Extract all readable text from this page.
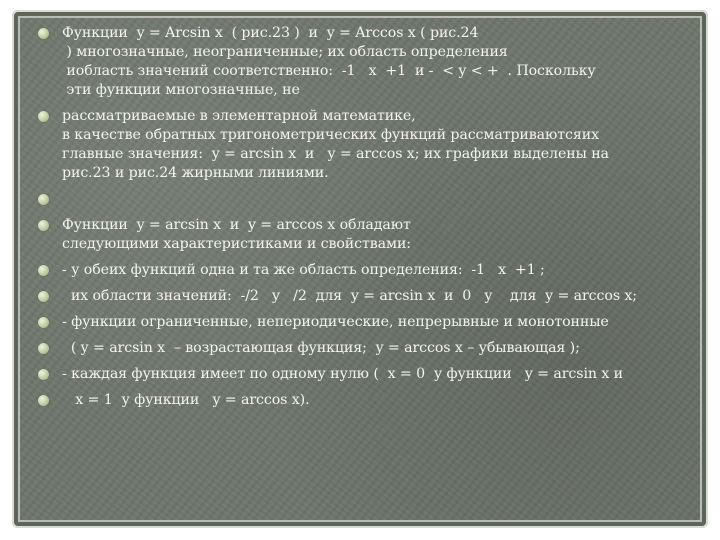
Функции  y = Arcsin x  ( рис.23 )  и  y = Arccos x ( рис.24
) многозначные, неограниченные; их область определения
иобласть значений соответственно:  -1   x  +1  и -  < y < +  . Поскольку
эти функции многозначные, не
рассматриваемые в элементарной математике,
в качестве обратных тригонометрических функций рассматриваютсяих
главные значения:  y = arcsin x  и   y = arccos x; их графики выделены на
рис.23 и рис.24 жирными линиями.
Функции  y = arcsin x  и  y = arccos x обладают
следующими характеристиками и свойствами:
- у обеих функций одна и та же область определения:  -1   x  +1 ;
их области значений:  -/2   y   /2  для  y = arcsin x  и  0   y    для  y = arccos x;
- функции ограниченные, непериодические, непрерывные и монотонные
( y = arcsin x  – возрастающая функция;  y = arccos x – убывающая );
- каждая функция имеет по одному нулю (  x = 0  у функции   y = arcsin x и
x = 1  у функции   y = arccos x).
